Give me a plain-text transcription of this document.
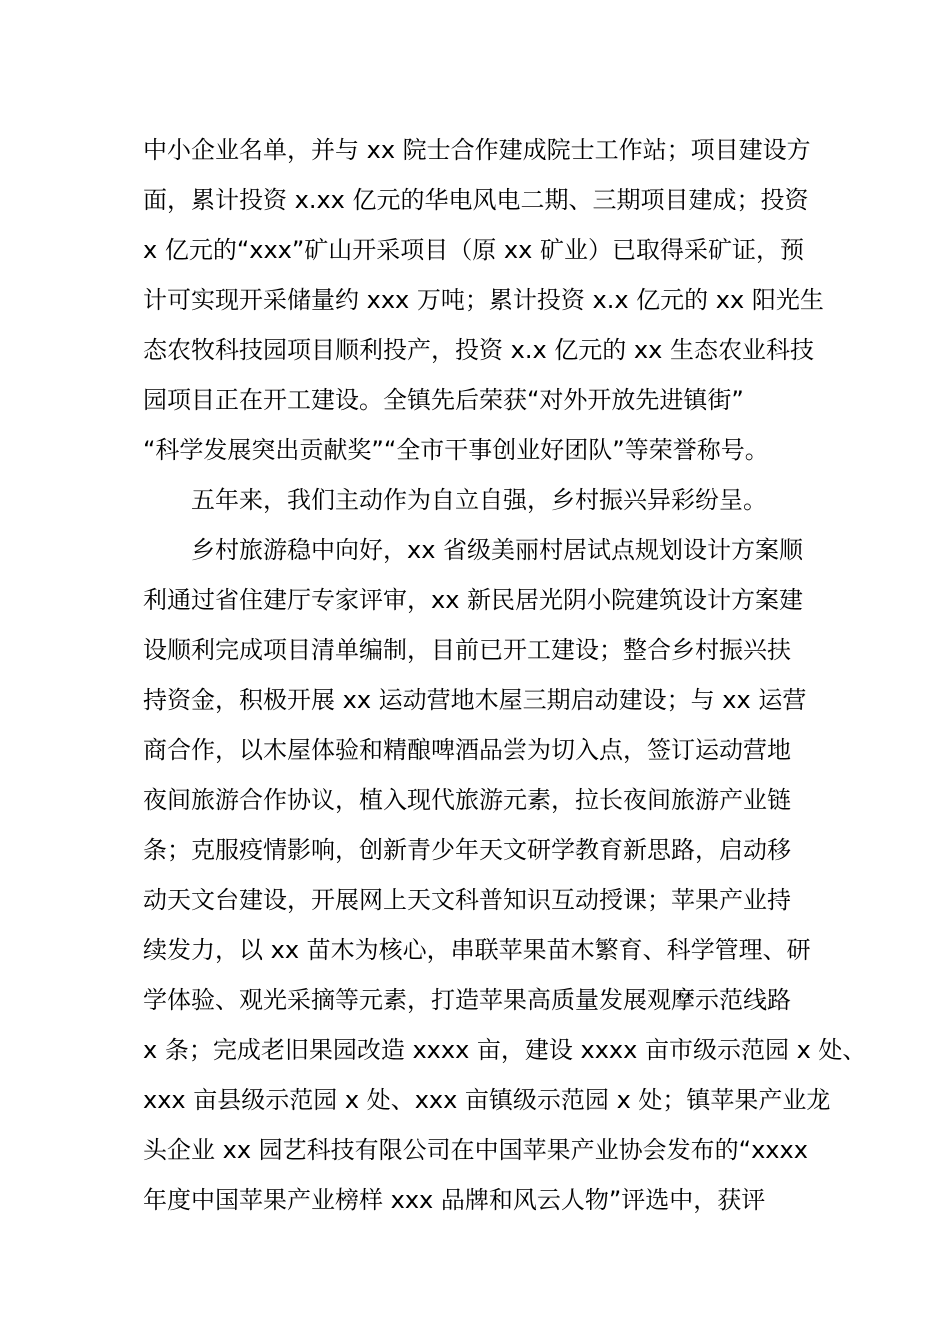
中小企业名单，并与 xx 院士合作建成院士工作站；项目建设方
面，累计投资 x.xx 亿元的华电风电二期、三期项目建成；投资
x 亿元的“xxx”矿山开采项目（原 xx 矿业）已取得采矿证，预
计可实现开采储量约 xxx 万吨；累计投资 x.x 亿元的 xx 阳光生
态农牧科技园项目顺利投产，投资 x.x 亿元的 xx 生态农业科技
园项目正在开工建设。全镇先后荣获“对外开放先进镇街”
“科学发展突出贡献奖”“全市干事创业好团队”等荣誉称号。
五年来，我们主动作为自立自强，乡村振兴异彩纷呈。
乡村旅游稳中向好，xx 省级美丽村居试点规划设计方案顺
利通过省住建厅专家评审，xx 新民居光阴小院建筑设计方案建
设顺利完成项目清单编制，目前已开工建设；整合乡村振兴扶
持资金，积极开展 xx 运动营地木屋三期启动建设；与 xx 运营
商合作，以木屋体验和精酿啤酒品尝为切入点，签订运动营地
夜间旅游合作协议，植入现代旅游元素，拉长夜间旅游产业链
条；克服疫情影响，创新青少年天文研学教育新思路，启动移
动天文台建设，开展网上天文科普知识互动授课；苹果产业持
续发力，以 xx 苗木为核心，串联苹果苗木繁育、科学管理、研
学体验、观光采摘等元素，打造苹果高质量发展观摩示范线路
x 条；完成老旧果园改造 xxxx 亩，建设 xxxx 亩市级示范园 x 处、
xxx 亩县级示范园 x 处、xxx 亩镇级示范园 x 处；镇苹果产业龙
头企业 xx 园艺科技有限公司在中国苹果产业协会发布的“xxxx
年度中国苹果产业榜样 xxx 品牌和风云人物”评选中，获评
